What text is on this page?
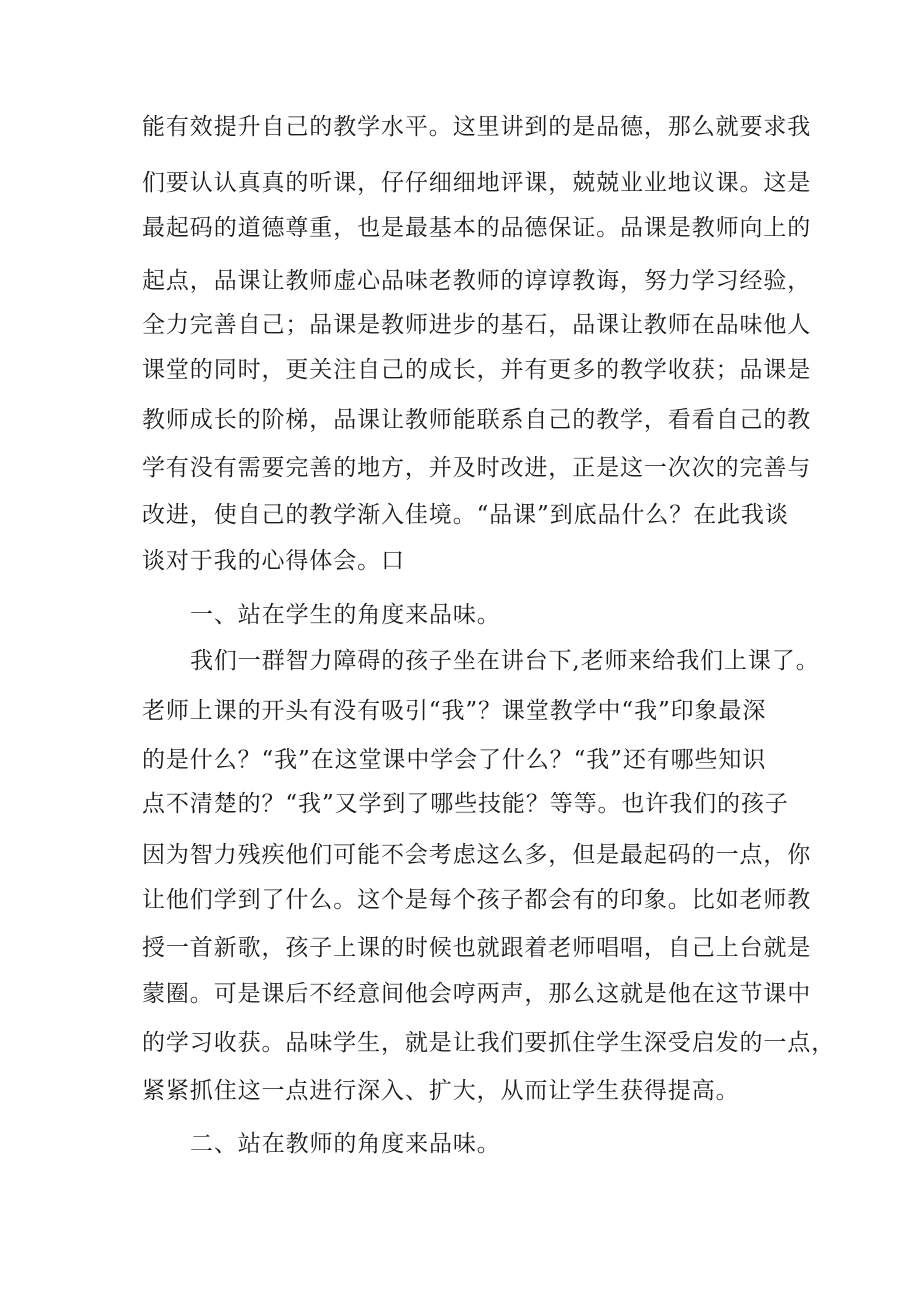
能有效提升自己的教学水平。这里讲到的是品德，那么就要求我
们要认认真真的听课，仔仔细细地评课，兢兢业业地议课。这是
最起码的道德尊重，也是最基本的品德保证。品课是教师向上的
起点，品课让教师虚心品味老教师的谆谆教诲，努力学习经验，
全力完善自己；品课是教师进步的基石，品课让教师在品味他人
课堂的同时，更关注自己的成长，并有更多的教学收获；品课是
教师成长的阶梯，品课让教师能联系自己的教学，看看自己的教
学有没有需要完善的地方，并及时改进，正是这一次次的完善与
改进，使自己的教学渐入佳境。“品课”到底品什么？在此我谈
谈对于我的心得体会。口
一、站在学生的角度来品味。
我们一群智力障碍的孩子坐在讲台下,老师来给我们上课了。
老师上课的开头有没有吸引“我”？课堂教学中“我”印象最深
的是什么？“我”在这堂课中学会了什么？“我”还有哪些知识
点不清楚的？“我”又学到了哪些技能？等等。也许我们的孩子
因为智力残疾他们可能不会考虑这么多，但是最起码的一点，你
让他们学到了什么。这个是每个孩子都会有的印象。比如老师教
授一首新歌，孩子上课的时候也就跟着老师唱唱，自己上台就是
蒙圈。可是课后不经意间他会哼两声，那么这就是他在这节课中
的学习收获。品味学生，就是让我们要抓住学生深受启发的一点，
紧紧抓住这一点进行深入、扩大，从而让学生获得提高。
二、站在教师的角度来品味。
